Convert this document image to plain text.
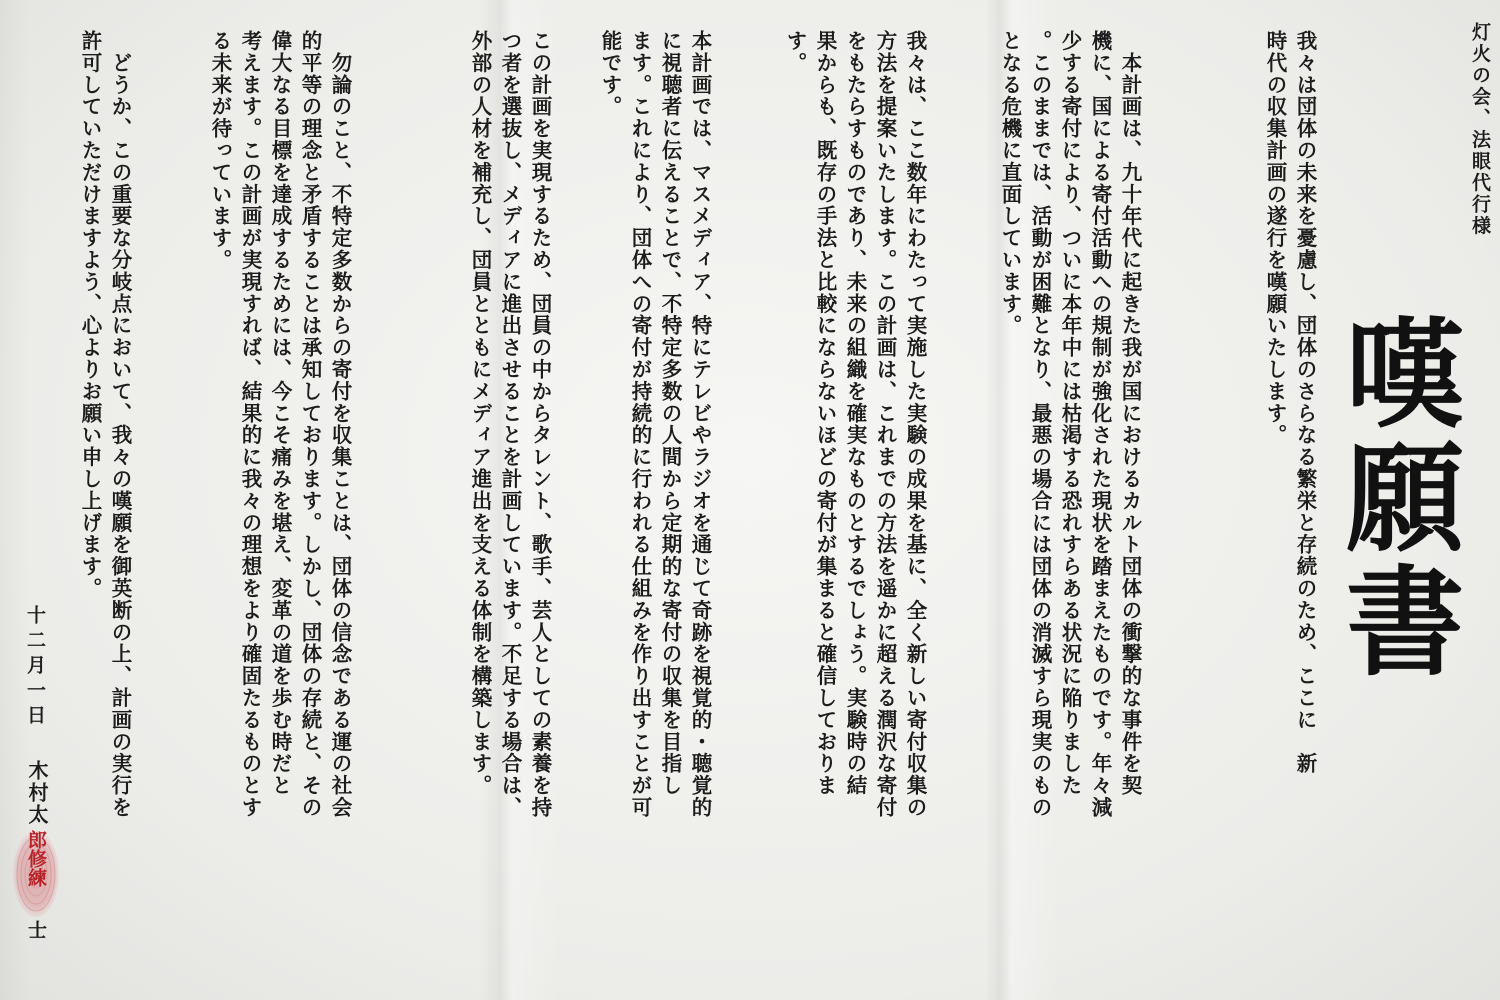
灯火の会、法眼代行様
嘆願書
我々は団体の未来を憂慮し、団体のさらなる繁栄と存続のため、ここに　新
時代の収集計画の遂行を嘆願いたします。
　本計画は、九十年代に起きた我が国におけるカルト団体の衝撃的な事件を契
機に、国による寄付活動への規制が強化された現状を踏まえたものです。年々減
少する寄付により、ついに本年中には枯渇する恐れすらある状況に陥りました
。このままでは、活動が困難となり、最悪の場合には団体の消滅すら現実のもの
となる危機に直面しています。
我々は、ここ数年にわたって実施した実験の成果を基に、全く新しい寄付収集の
方法を提案いたします。この計画は、これまでの方法を遥かに超える潤沢な寄付
をもたらすものであり、未来の組織を確実なものとするでしょう。実験時の結
果からも、既存の手法と比較にならないほどの寄付が集まると確信しておりま
す。
本計画では、マスメディア、特にテレビやラジオを通じて奇跡を視覚的・聴覚的
に視聴者に伝えることで、不特定多数の人間から定期的な寄付の収集を目指し
ます。これにより、団体への寄付が持続的に行われる仕組みを作り出すことが可
能です。
この計画を実現するため、団員の中からタレント、歌手、芸人としての素養を持
つ者を選抜し、メディアに進出させることを計画しています。不足する場合は、
外部の人材を補充し、団員とともにメディア進出を支える体制を構築します。
　勿論のこと、不特定多数からの寄付を収集ことは、団体の信念である運の社会
的平等の理念と矛盾することは承知しております。しかし、団体の存続と、その
偉大なる目標を達成するためには、今こそ痛みを堪え、変革の道を歩む時だと
考えます。この計画が実現すれば、結果的に我々の理想をより確固たるものとす
る未来が待っています。
　どうか、この重要な分岐点において、我々の嘆願を御英断の上、計画の実行を
許可していただけますよう、心よりお願い申し上げます。
十二月一日
木村太
郎修練
士
